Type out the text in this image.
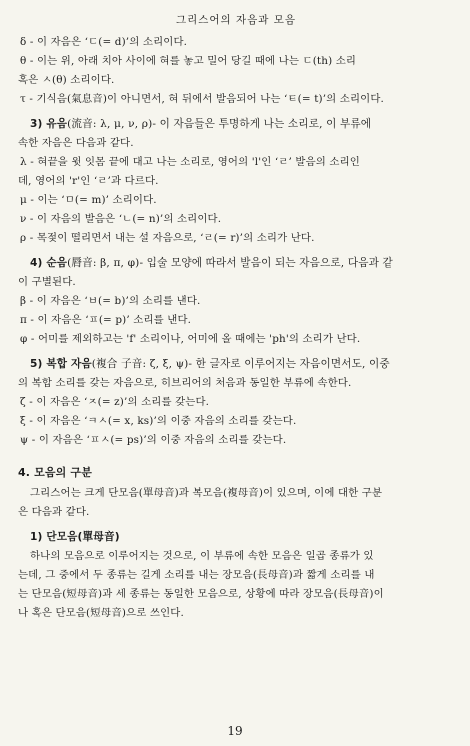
그리스어의 자음과 모음

δ - 이 자음은 ‘ㄷ(= d)’의 소리이다.

θ - 이는 위, 아래 치아 사이에 혀를 놓고 밀어 당길 때에 나는 ㄷ(th) 소리

혹은 ㅅ(θ) 소리이다.

τ - 기식음(氣息音)이 아니면서, 혀 뒤에서 발음되어 나는 ‘ㅌ(= t)’의 소리이다.

3) 유음(流音: λ, μ, ν, ρ)- 이 자음들은 투명하게 나는 소리로, 이 부류에

속한 자음은 다음과 같다.

λ - 혀끝을 윗 잇몸 끝에 대고 나는 소리로, 영어의 'l'인 ‘ㄹ’ 발음의 소리인

데, 영어의 'r'인 ‘ㄹ’과 다르다.

μ - 이는 ‘ㅁ(= m)’ 소리이다.

ν - 이 자음의 발음은 ‘ㄴ(= n)’의 소리이다.

ρ - 목젖이 떨리면서 내는 설 자음으로, ‘ㄹ(= r)’의 소리가 난다.

4) 순음(脣音: β, π, φ)- 입술 모양에 따라서 발음이 되는 자음으로, 다음과 같

이 구별된다.

β - 이 자음은 ‘ㅂ(= b)’의 소리를 낸다.

π - 이 자음은 ‘ㅍ(= p)’ 소리를 낸다.

φ - 어미를 제외하고는 'f' 소리이나, 어미에 올 때에는 'ph'의 소리가 난다.

5) 복합 자음(複合 子音: ζ, ξ, ψ)- 한 글자로 이루어지는 자음이면서도, 이중

의 복합 소리를 갖는 자음으로, 히브리어의 처음과 동일한 부류에 속한다.

ζ - 이 자음은 ‘ㅈ(= z)’의 소리를 갖는다.

ξ - 이 자음은 ‘ㅋㅅ(= x, ks)’의 이중 자음의 소리를 갖는다.

ψ - 이 자음은 ‘ㅍㅅ(= ps)’의 이중 자음의 소리를 갖는다.

4. 모음의 구분

그리스어는 크게 단모음(單母音)과 복모음(複母音)이 있으며, 이에 대한 구분

은 다음과 같다.

1) 단모음(單母音)

하나의 모음으로 이루어지는 것으로, 이 부류에 속한 모음은 일곱 종류가 있

는데, 그 중에서 두 종류는 길게 소리를 내는 장모음(長母音)과 짧게 소리를 내

는 단모음(短母音)과 세 종류는 동일한 모음으로, 상황에 따라 장모음(長母音)이

나 혹은 단모음(短母音)으로 쓰인다.

19
